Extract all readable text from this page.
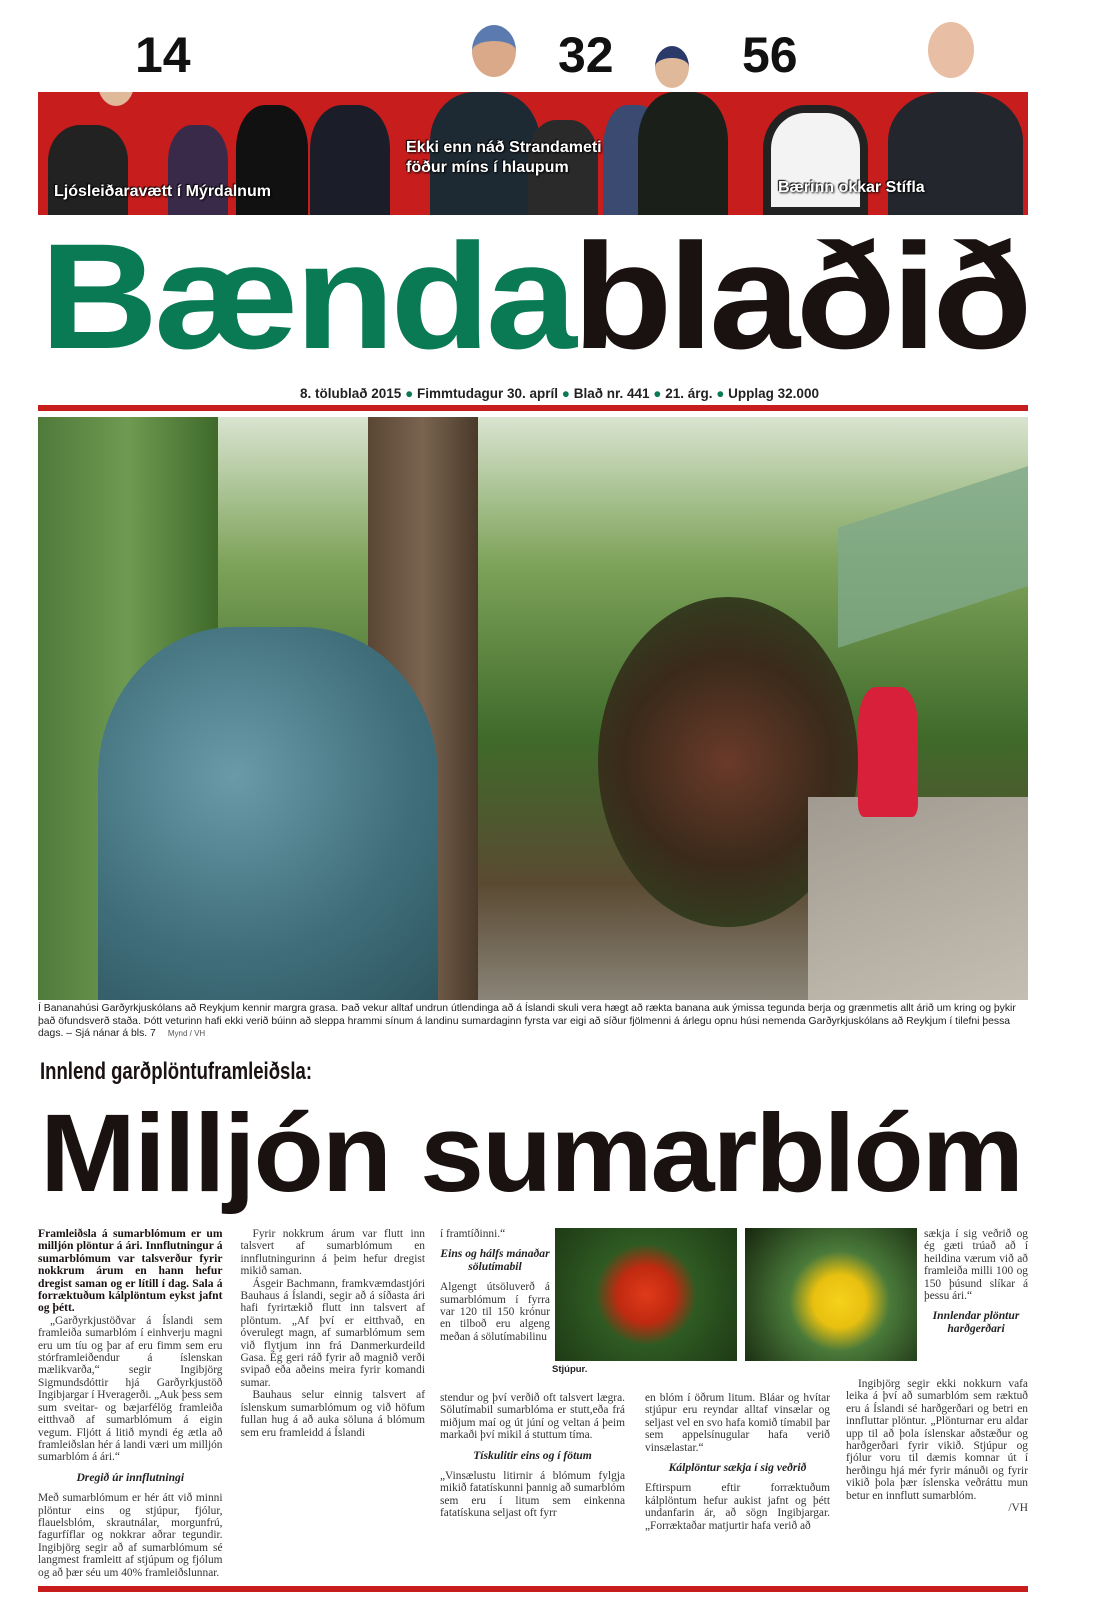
14	32	56
Ljósleiðaravætt í Mýrdalnum
Ekki enn náð Strandameti föður míns í hlaupum
Bærinn okkar Stífla
Bændablaðið
8. tölublað 2015 ● Fimmtudagur 30. apríl ● Blað nr. 441 ● 21. árg. ● Upplag 32.000
Í Bananahúsi Garðyrkjuskólans að Reykjum kennir margra grasa. Það vekur alltaf undrun útlendinga að á Íslandi skuli vera hægt að rækta banana auk ýmissa tegunda berja og grænmetis allt árið um kring og þykir það öfundsverð staða. Þótt veturinn hafi ekki verið búinn að sleppa hrammi sínum á landinu sumardaginn fyrsta var eigi að síður fjölmenni á árlegu opnu húsi nemenda Garðyrkjuskólans að Reykjum í tilefni þessa dags. – Sjá nánar á bls. 7 Mynd / VH
Innlend garðplöntuframleiðsla:
Milljón sumarblóm

Framleiðsla á sumarblómum er um milljón plöntur á ári. Innflutningur á sumarblómum var talsverður fyrir nokkrum árum en hann hefur dregist saman og er lítill í dag. Sala á forræktuðum kálplöntum eykst jafnt og þétt.

„Garðyrkjustöðvar á Íslandi sem framleiða sumarblóm í einhverju magni eru um tíu og þar af eru fimm sem eru stórframleiðendur á íslenskan mælikvarða,“ segir Ingibjörg Sigmundsdóttir hjá Garðyrkjustöð Ingibjargar í Hveragerði. „Auk þess sem sum sveitar- og bæjarfélög framleiða eitthvað af sumarblómum á eigin vegum. Fljótt á litið myndi ég ætla að framleiðslan hér á landi væri um milljón sumarblóm á ári.“

Dregið úr innflutningi

Með sumarblómum er hér átt við minni plöntur eins og stjúpur, fjólur, flauelsblóm, skrautnálar, morgunfrú, fagurfíflar og nokkrar aðrar tegundir. Ingibjörg segir að af sumarblómum sé langmest framleitt af stjúpum og fjólum og að þær séu um 40% framleiðslunnar.

Fyrir nokkrum árum var flutt inn talsvert af sumarblómum en innflutningurinn á þeim hefur dregist mikið saman.

Ásgeir Bachmann, framkvæmdastjóri Bauhaus á Íslandi, segir að á síðasta ári hafi fyrirtækið flutt inn talsvert af plöntum. „Af því er eitthvað, en óverulegt magn, af sumarblómum sem við flytjum inn frá Danmerkurdeild Gasa. Ég geri ráð fyrir að magnið verði svipað eða aðeins meira fyrir komandi sumar.

Bauhaus selur einnig talsvert af íslenskum sumarblómum og við höfum fullan hug á að auka söluna á blómum sem eru framleidd á Íslandi

í framtíðinni.“

Eins og hálfs mánaðar sölutímabil

Algengt útsöluverð á sumarblómum í fyrra var 120 til 150 krónur en tilboð eru algeng meðan á sölutímabilinu

stendur og því verðið oft talsvert lægra. Sölutímabil sumarblóma er stutt,eða frá miðjum maí og út júní og veltan á þeim markaði því mikil á stuttum tíma.

Tískulitir eins og í fötum

„Vinsælustu litirnir á blómum fylgja mikið fatatískunni þannig að sumarblóm sem eru í litum sem einkenna fatatískuna seljast oft fyrr

en blóm í öðrum litum. Bláar og hvítar stjúpur eru reyndar alltaf vinsælar og seljast vel en svo hafa komið tímabil þar sem appelsínugular hafa verið vinsælastar.“

Kálplöntur sækja í sig veðrið

Eftirspurn eftir forræktuðum kálplöntum hefur aukist jafnt og þétt undanfarin ár, að sögn Ingibjargar. „Forræktaðar matjurtir hafa verið að

sækja í sig veðrið og ég gæti trúað að í heildina værum við að framleiða milli 100 og 150 þúsund slíkar á þessu ári.“

Innlendar plöntur harðgerðari

Ingibjörg segir ekki nokkurn vafa leika á því að sumarblóm sem ræktuð eru á Íslandi sé harðgerðari og betri en innfluttar plöntur. „Plönturnar eru aldar upp til að þola íslenskar aðstæður og harðgerðari fyrir vikið. Stjúpur og fjólur voru til dæmis komnar út í herðingu hjá mér fyrir mánuði og fyrir vikið þola þær íslenska veðráttu mun betur en innflutt sumarblóm.

/VH

Stjúpur.
